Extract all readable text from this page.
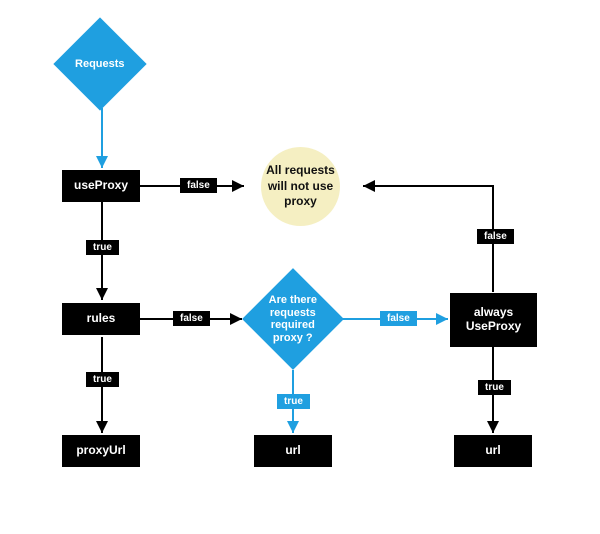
Requests
useProxy
rules
proxyUrl
Are there requests required proxy ?
All requests will not use proxy
always UseProxy
url	url
false
true
false
true
false
true
false
true
